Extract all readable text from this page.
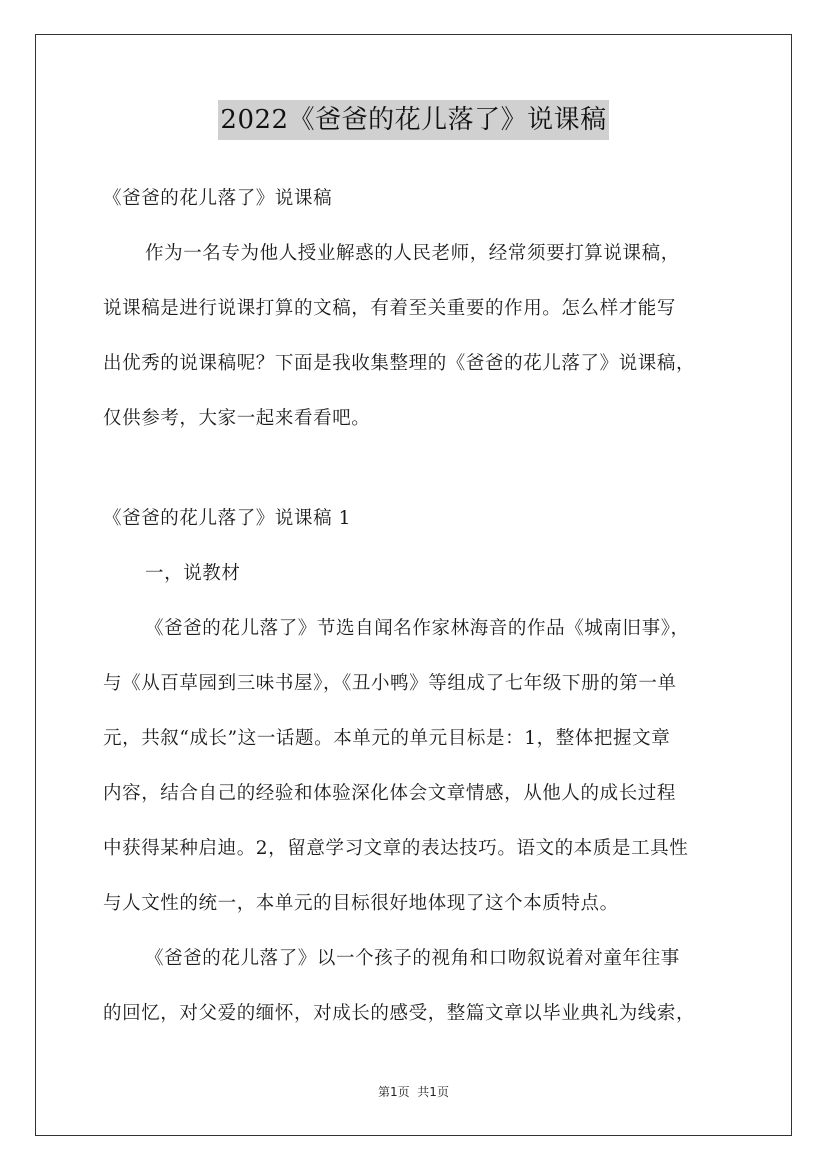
2022《爸爸的花儿落了》说课稿
《爸爸的花儿落了》说课稿
作为一名专为他人授业解惑的人民老师，经常须要打算说课稿，
说课稿是进行说课打算的文稿，有着至关重要的作用。怎么样才能写
出优秀的说课稿呢？下面是我收集整理的《爸爸的花儿落了》说课稿，
仅供参考，大家一起来看看吧。
《爸爸的花儿落了》说课稿 1
一，说教材
《爸爸的花儿落了》节选自闻名作家林海音的作品《城南旧事》，
与《从百草园到三味书屋》，《丑小鸭》等组成了七年级下册的第一单
元，共叙“成长”这一话题。本单元的单元目标是：1，整体把握文章
内容，结合自己的经验和体验深化体会文章情感，从他人的成长过程
中获得某种启迪。2，留意学习文章的表达技巧。语文的本质是工具性
与人文性的统一，本单元的目标很好地体现了这个本质特点。
《爸爸的花儿落了》以一个孩子的视角和口吻叙说着对童年往事
的回忆，对父爱的缅怀，对成长的感受，整篇文章以毕业典礼为线索，
第1页  共1页
